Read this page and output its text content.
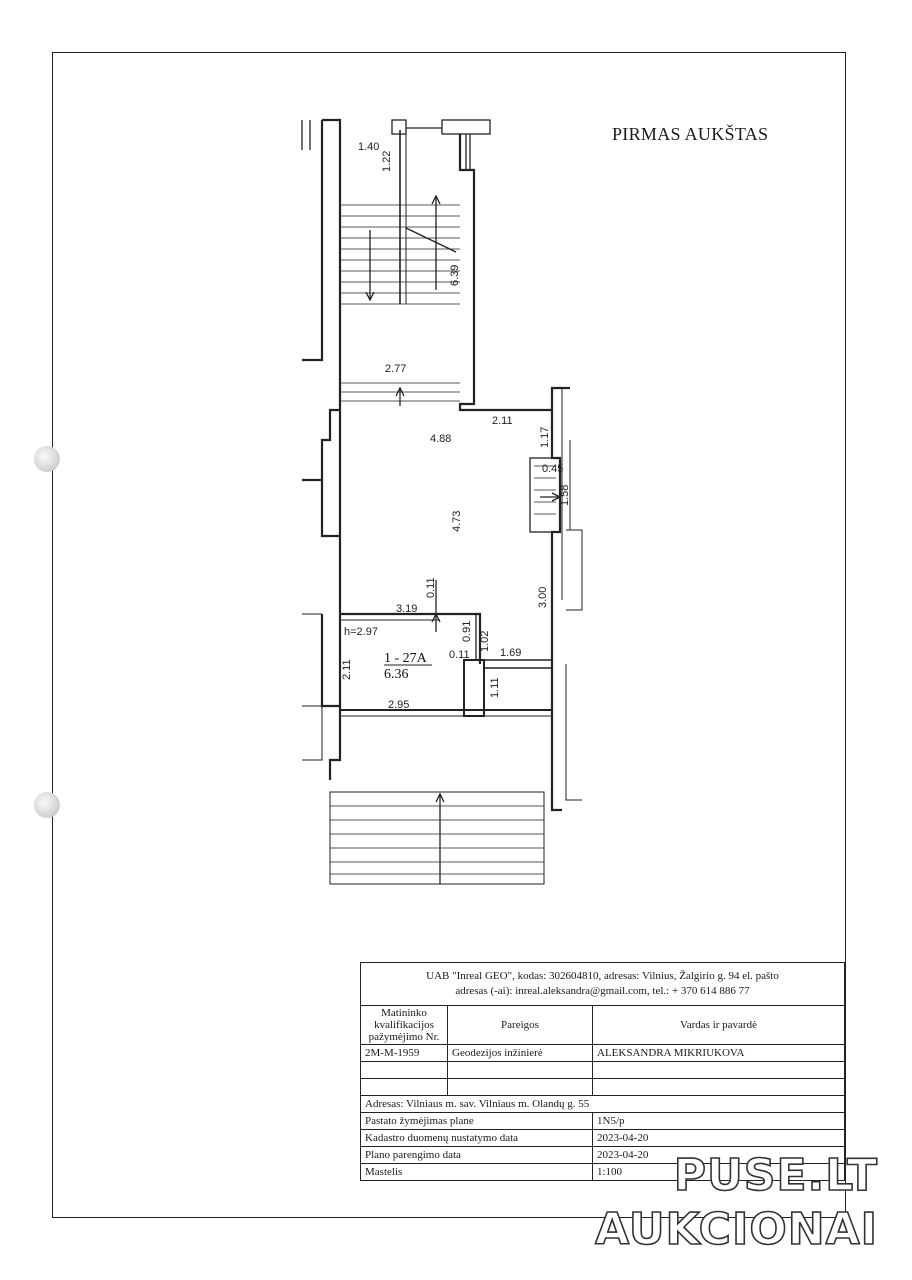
PIRMAS AUKŠTAS
1.40
1.22
6.39
2.77
2.11
1.17
4.88
0.45
1.58
4.73
3.00
0.11
3.19
h=2.97	0.91 1.02
0.11	1.69
2.11
1.11
2.95
1 - 27A
6.36
UAB "Inreal GEO", kodas: 302604810, adresas: Vilnius, Žalgirio g. 94 el. pašto
adresas (-ai): inreal.aleksandra@gmail.com, tel.: + 370 614 886 77		

Matininko kvalifikacijos pažymėjimo Nr.	Pareigos	Vardas ir pavardė
2M-M-1959	Geodezijos inžinierė	ALEKSANDRA MIKRIUKOVA

Adresas: Vilniaus m. sav. Vilniaus m. Olandų g. 55		
Pastato žymėjimas plane		1N5/p
Kadastro duomenų nustatymo data		2023-04-20
Plano parengimo data		2023-04-20
Mastelis		1:100 PUSE.LT
AUKCIONAI
